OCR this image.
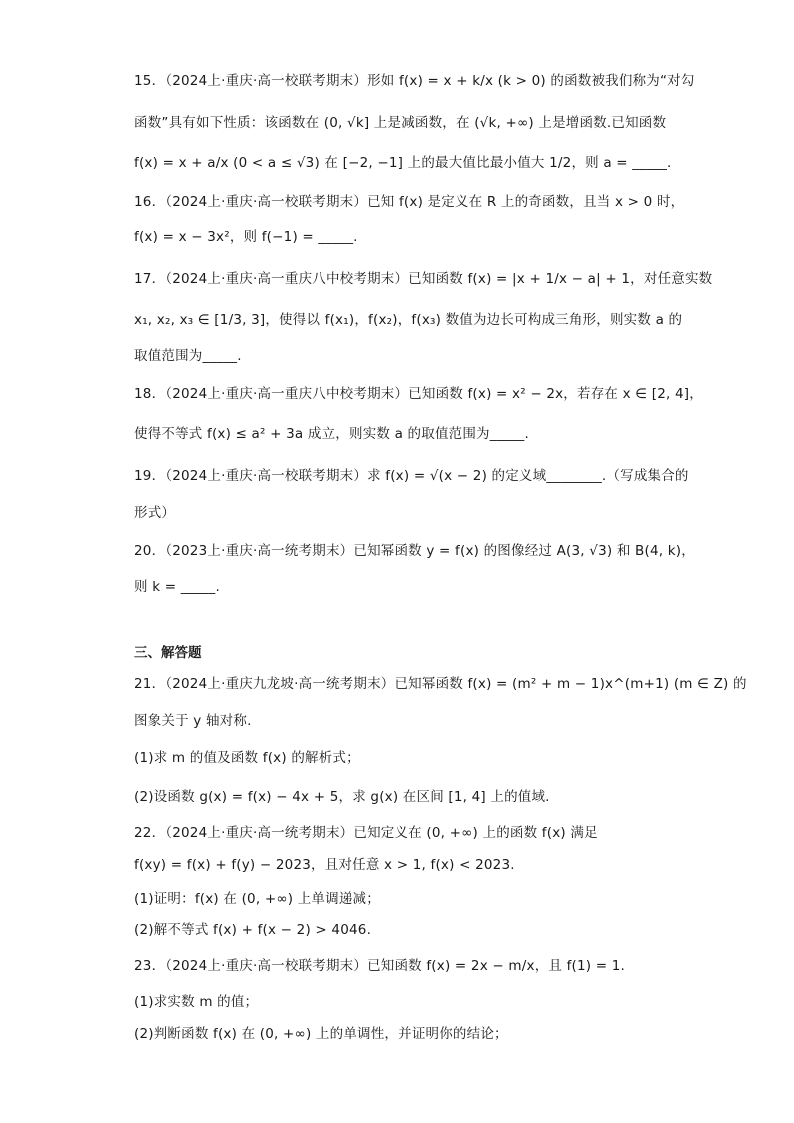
15．（2024上·重庆·高一校联考期末）形如 f(x) = x + k/x (k > 0) 的函数被我们称为“对勾
函数”具有如下性质：该函数在 (0, √k] 上是减函数，在 (√k, +∞) 上是增函数.已知函数
f(x) = x + a/x (0 < a ≤ √3) 在 [−2, −1] 上的最大值比最小值大 1/2，则 a = _____.
16．（2024上·重庆·高一校联考期末）已知 f(x) 是定义在 R 上的奇函数，且当 x > 0 时，
f(x) = x − 3x²，则 f(−1) = _____.
17．（2024上·重庆·高一重庆八中校考期末）已知函数 f(x) = |x + 1/x − a| + 1，对任意实数
x₁, x₂, x₃ ∈ [1/3, 3]，使得以 f(x₁)，f(x₂)，f(x₃) 数值为边长可构成三角形，则实数 a 的
取值范围为_____.
18．（2024上·重庆·高一重庆八中校考期末）已知函数 f(x) = x² − 2x，若存在 x ∈ [2, 4]，
使得不等式 f(x) ≤ a² + 3a 成立，则实数 a 的取值范围为_____.
19．（2024上·重庆·高一校联考期末）求 f(x) = √(x − 2) 的定义域________.（写成集合的
形式）
20．（2023上·重庆·高一统考期末）已知幂函数 y = f(x) 的图像经过 A(3, √3) 和 B(4, k)，
则 k = _____.
三、解答题
21．（2024上·重庆九龙坡·高一统考期末）已知幂函数 f(x) = (m² + m − 1)x^(m+1) (m ∈ Z) 的
图象关于 y 轴对称.
(1)求 m 的值及函数 f(x) 的解析式；
(2)设函数 g(x) = f(x) − 4x + 5，求 g(x) 在区间 [1, 4] 上的值域.
22．（2024上·重庆·高一统考期末）已知定义在 (0, +∞) 上的函数 f(x) 满足
f(xy) = f(x) + f(y) − 2023，且对任意 x > 1, f(x) < 2023.
(1)证明：f(x) 在 (0, +∞) 上单调递减；
(2)解不等式 f(x) + f(x − 2) > 4046.
23．（2024上·重庆·高一校联考期末）已知函数 f(x) = 2x − m/x，且 f(1) = 1.
(1)求实数 m 的值；
(2)判断函数 f(x) 在 (0, +∞) 上的单调性，并证明你的结论；
